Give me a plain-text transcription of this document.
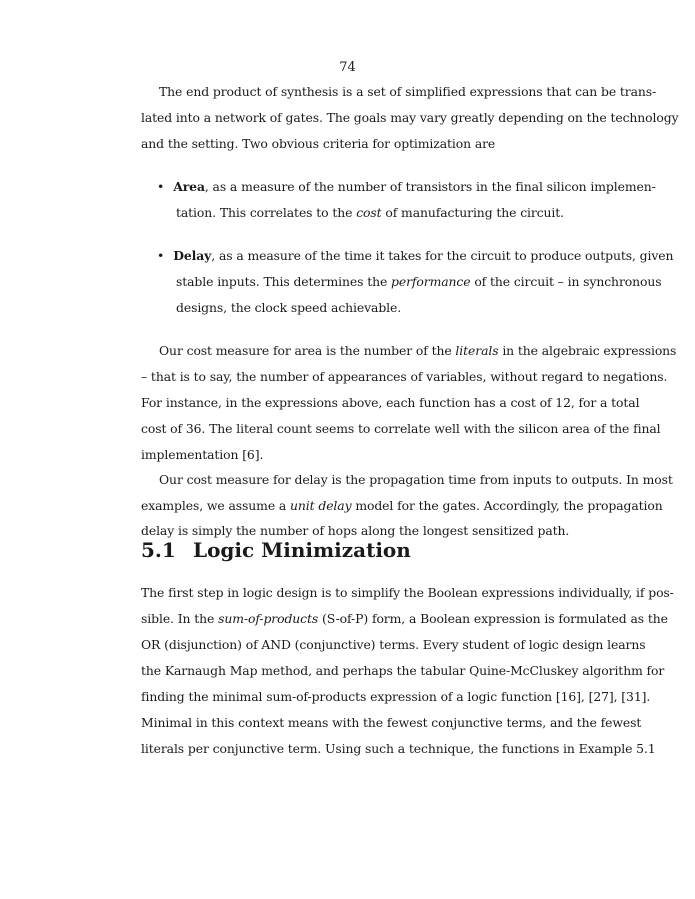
74
The end product of synthesis is a set of simplified expressions that can be trans-
lated into a network of gates. The goals may vary greatly depending on the technology
and the setting. Two obvious criteria for optimization are
• Area, as a measure of the number of transistors in the final silicon implemen-
tation. This correlates to the cost of manufacturing the circuit.
• Delay, as a measure of the time it takes for the circuit to produce outputs, given
stable inputs. This determines the performance of the circuit – in synchronous
designs, the clock speed achievable.
Our cost measure for area is the number of the literals in the algebraic expressions
– that is to say, the number of appearances of variables, without regard to negations.
For instance, in the expressions above, each function has a cost of 12, for a total
cost of 36. The literal count seems to correlate well with the silicon area of the final
implementation [6].
Our cost measure for delay is the propagation time from inputs to outputs. In most
examples, we assume a unit delay model for the gates. Accordingly, the propagation
delay is simply the number of hops along the longest sensitized path.
5.1 Logic Minimization
The first step in logic design is to simplify the Boolean expressions individually, if pos-
sible. In the sum-of-products (S-of-P) form, a Boolean expression is formulated as the
OR (disjunction) of AND (conjunctive) terms. Every student of logic design learns
the Karnaugh Map method, and perhaps the tabular Quine-McCluskey algorithm for
finding the minimal sum-of-products expression of a logic function [16], [27], [31].
Minimal in this context means with the fewest conjunctive terms, and the fewest
literals per conjunctive term. Using such a technique, the functions in Example 5.1
